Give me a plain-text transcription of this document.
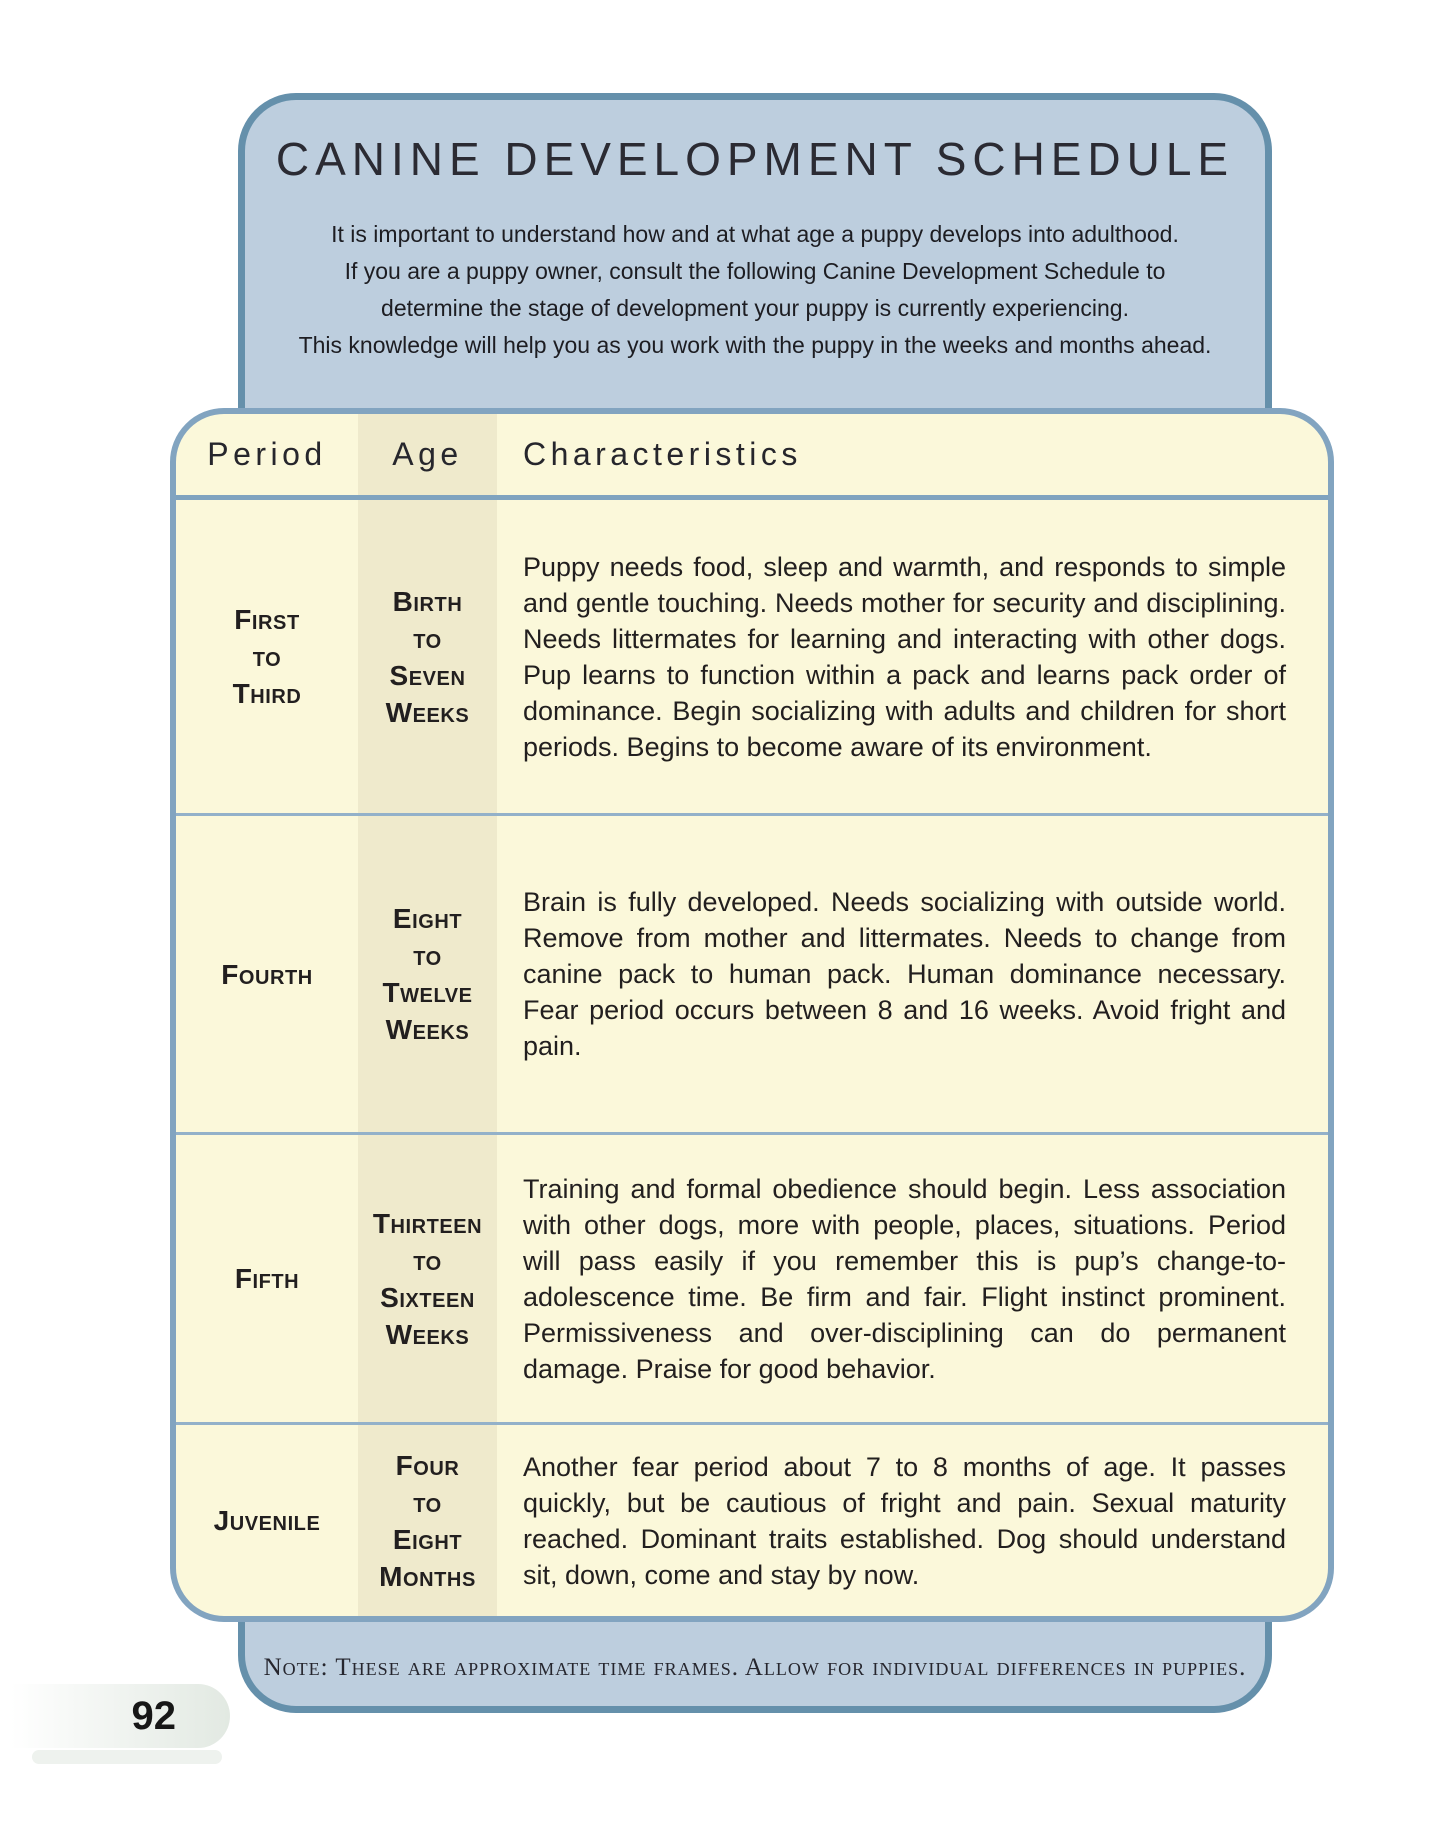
CANINE DEVELOPMENT SCHEDULE
It is important to understand how and at what age a puppy develops into adulthood.
If you are a puppy owner, consult the following Canine Development Schedule to
determine the stage of development your puppy is currently experiencing.
This knowledge will help you as you work with the puppy in the weeks and months ahead.
Note: These are approximate time frames. Allow for individual differences in puppies.
Period	Age	Characteristics
First
to
Third
Birth
to
Seven
Weeks
Puppy needs food, sleep and warmth, and responds to simple and gentle touching. Needs mother for security and disciplining. Needs littermates for learning and interacting with other dogs. Pup learns to function within a pack and learns pack order of dominance. Begin socializing with adults and children for short periods. Begins to become aware of its environment.
Fourth
Eight
to
Twelve
Weeks
Brain is fully developed. Needs socializing with outside world. Remove from mother and littermates. Needs to change from canine pack to human pack. Human dominance necessary. Fear period occurs between 8 and 16 weeks. Avoid fright and pain.
Fifth
Thirteen
to
Sixteen
Weeks
Training and formal obedience should begin. Less association with other dogs, more with people, places, situations. Period will pass easily if you remember this is pup’s change-to-adolescence time. Be firm and fair. Flight instinct prominent. Permissiveness and over-disciplining can do permanent damage. Praise for good behavior.
Juvenile
Four
to
Eight
Months
Another fear period about 7 to 8 months of age. It passes quickly, but be cautious of fright and pain. Sexual maturity reached. Dominant traits established. Dog should understand sit, down, come and stay by now.
92
